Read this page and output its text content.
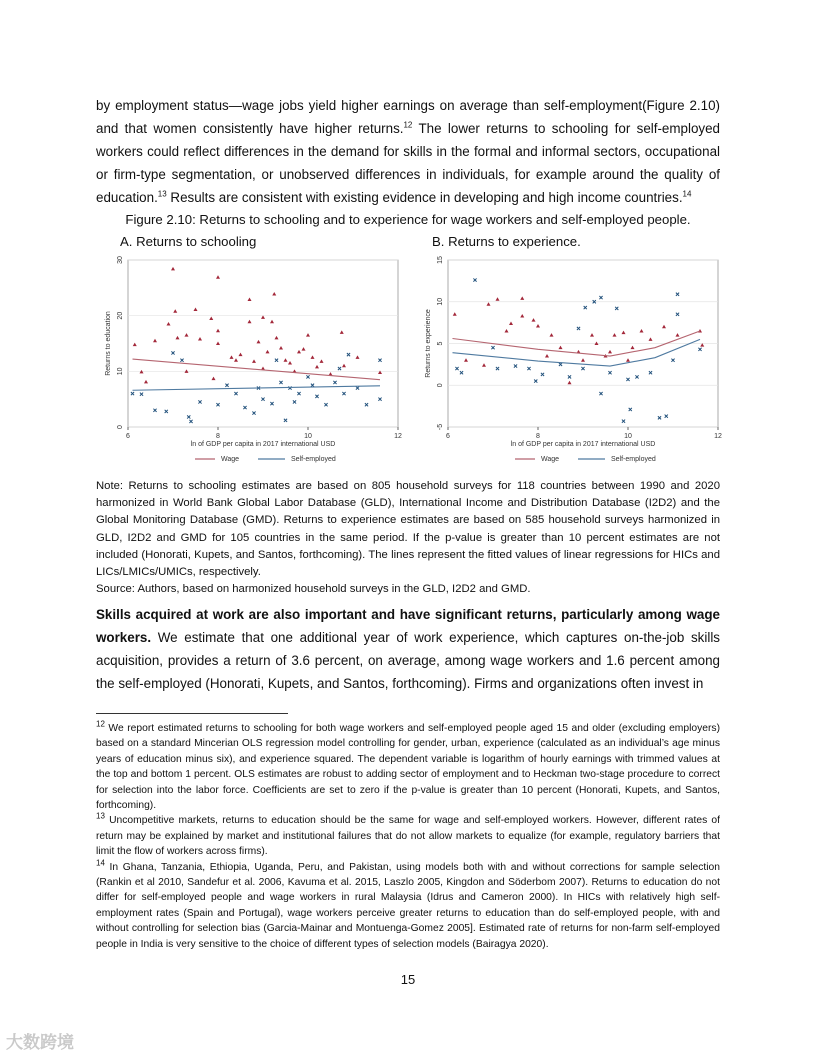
by employment status—wage jobs yield higher earnings on average than self-employment(Figure 2.10) and that women consistently have higher returns.$^{12}$ The lower returns to schooling for self-employed workers could reflect differences in the demand for skills in the formal and informal sectors, occupational or firm-type segmentation, or unobserved differences in individuals, for example around the quality of education.$^{13}$ Results are consistent with existing evidence in developing and high income countries.$^{14}$
Figure 2.10: Returns to schooling and to experience for wage workers and self-employed people.
A. Returns to schooling	B. Returns to experience.
0
10
20
30
6	8	10	12
ln of GDP per capita in 2017 international USD
Returns to education
Wage	Self-employed
-5
0
5
10
15
6	8	10	12
ln of GDP per capita in 2017 international USD
Returns to experience
Wage	Self-employed
Note: Returns to schooling estimates are based on 805 household surveys for 118 countries between 1990 and 2020 harmonized in World Bank Global Labor Database (GLD), International Income and Distribution Database (I2D2) and the Global Monitoring Database (GMD). Returns to experience estimates are based on 585 household surveys harmonized in GLD, I2D2 and GMD for 105 countries in the same period. If the p-value is greater than 10 percent estimates are not included (Honorati, Kupets, and Santos, forthcoming). The lines represent the fitted values of linear regressions for HICs and LICs/LMICs/UMICs, respectively.
Source: Authors, based on harmonized household surveys in the GLD, I2D2 and GMD.
Skills acquired at work are also important and have significant returns, particularly among wage workers. We estimate that one additional year of work experience, which captures on-the-job skills acquisition, provides a return of 3.6 percent, on average, among wage workers and 1.6 percent among the self-employed (Honorati, Kupets, and Santos, forthcoming). Firms and organizations often invest in
$^{12}$ We report estimated returns to schooling for both wage workers and self-employed people aged 15 and older (excluding employers) based on a standard Mincerian OLS regression model controlling for gender, urban, experience (calculated as an individual’s age minus years of education minus six), and experience squared. The dependent variable is logarithm of hourly earnings with trimmed values at the top and bottom 1 percent. OLS estimates are robust to adding sector of employment and to Heckman two-stage procedure to correct for selection into the labor force. Coefficients are set to zero if the p-value is greater than 10 percent (Honorati, Kupets, and Santos, forthcoming).
$^{13}$ Uncompetitive markets, returns to education should be the same for wage and self-employed workers. However, different rates of return may be explained by market and institutional failures that do not allow markets to equalize (for example, regulatory barriers that limit the flow of workers across firms).
$^{14}$ In Ghana, Tanzania, Ethiopia, Uganda, Peru, and Pakistan, using models both with and without corrections for sample selection (Rankin et al 2010, Sandefur et al. 2006, Kavuma et al. 2015, Laszlo 2005, Kingdon and Söderbom 2007). Returns to education do not differ for self-employed people and wage workers in rural Malaysia (Idrus and Cameron 2000). In HICs with relatively high self-employment rates (Spain and Portugal), wage workers perceive greater returns to education than do self-employed people, with and without controlling for selection bias (Garcia-Mainar and Montuenga-Gomez 2005]. Estimated rate of returns for non-farm self-employed people in India is very sensitive to the choice of different types of selection models (Bairagya 2020).
15
大数跨境
